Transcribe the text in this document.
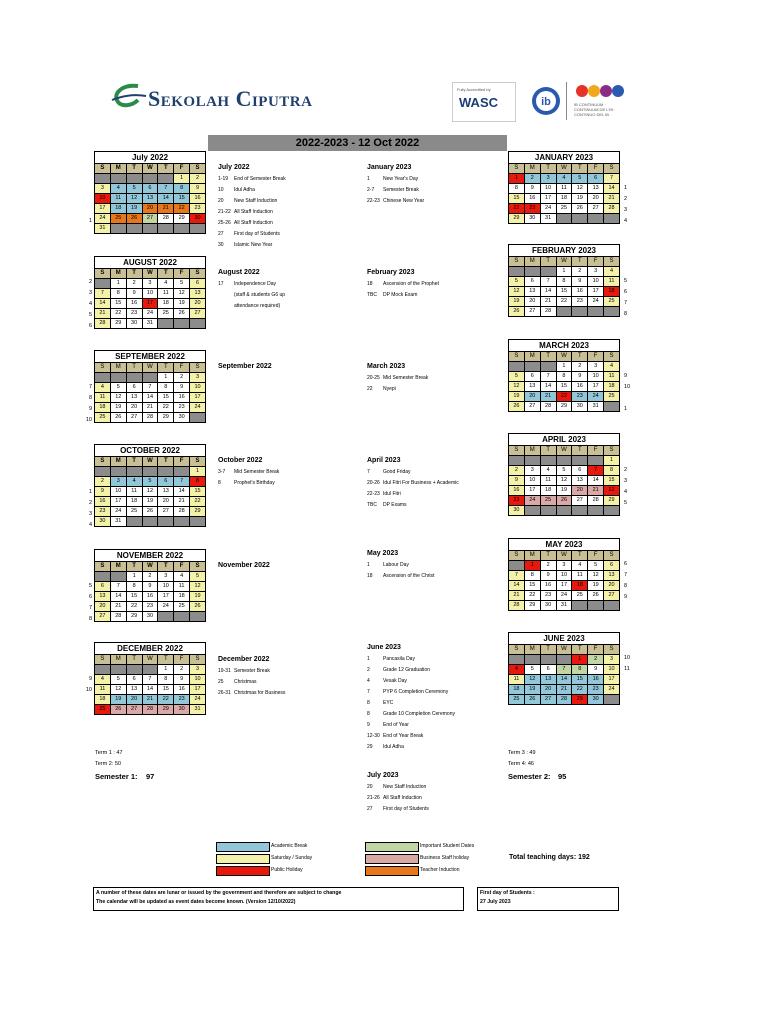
Sekolah Ciputra	Fully Accredited by
WASC	ib	IB CONTINUUM · CONTINUUM DE L'IB · CONTINUO DEL IB
2022-2023 - 12 Oct 2022
July 2022
S	M	T	W	T	F	S
					1	2
3	4	5	6	7	8	9
10	11	12	13	14	15	16
17	18	19	20	21	22	23
24	25	26	27	28	29	30
31						
AUGUST 2022
S	M	T	W	T	F	S
	1	2	3	4	5	6
7	8	9	10	11	12	13
14	15	16	17	18	19	20
21	22	23	24	25	26	27
28	29	30	31			
SEPTEMBER 2022
S	M	T	W	T	F	S
				1	2	3
4	5	6	7	8	9	10
11	12	13	14	15	16	17
18	19	20	21	22	23	24
25	26	27	28	29	30	
OCTOBER 2022
S	M	T	W	T	F	S
						1
2	3	4	5	6	7	8
9	10	11	12	13	14	15
16	17	18	19	20	21	22
23	24	25	26	27	28	29
30	31					
NOVEMBER 2022
S	M	T	W	T	F	S
		1	2	3	4	5
6	7	8	9	10	11	12
13	14	15	16	17	18	19
20	21	22	23	24	25	26
27	28	29	30			
DECEMBER 2022
S	M	T	W	T	F	S
				1	2	3
4	5	6	7	8	9	10
11	12	13	14	15	16	17
18	19	20	21	22	23	24
25	26	27	28	29	30	31
JANUARY 2023
S	M	T	W	T	F	S
1	2	3	4	5	6	7
8	9	10	11	12	13	14
15	16	17	18	19	20	21
22	23	24	25	26	27	28
29	30	31				
FEBRUARY 2023
S	M	T	W	T	F	S
			1	2	3	4
5	6	7	8	9	10	11
12	13	14	15	16	17	18
19	20	21	22	23	24	25
26	27	28				
MARCH 2023
S	M	T	W	T	F	S
			1	2	3	4
5	6	7	8	9	10	11
12	13	14	15	16	17	18
19	20	21	22	23	24	25
26	27	28	29	30	31	
APRIL 2023
S	M	T	W	T	F	S
						1
2	3	4	5	6	7	8
9	10	11	12	13	14	15
16	17	18	19	20	21	22
23	24	25	26	27	28	29
30						
MAY 2023
S	M	T	W	T	F	S
	1	2	3	4	5	6
7	8	9	10	11	12	13
14	15	16	17	18	19	20
21	22	23	24	25	26	27
28	29	30	31			
JUNE 2023
S	M	T	W	T	F	S
				1	2	3
4	5	6	7	8	9	10
11	12	13	14	15	16	17
18	19	20	21	22	23	24
25	26	27	28	29	30	
July 2022
1-19 End of Semester Break
10 Idul Adha
20 New Staff Induction
21-22 All Staff Induction
25-26 All Staff Induction
27 First day of Students
30 Islamic New Year
August 2022
17 Independence Day
(staff & students G6 up
attendance required)
September 2022
October 2022
3-7 Mid Semester Break
8	Prophet's Birthday
November 2022
December 2022
19-31 Semester Break
25 Christmas
26-31 Christmas for Business
January 2023
1	New Year's Day
2-7 Semester Break
22-23 Chinese New Year
February 2023
18 Ascension of the Prophet
TBC DP Mock Exam
March 2023
20-25 Mid Semester Break
22 Nyepi
April 2023
7	Good Friday
20-26 Idul Fitri For Business + Academic
22-23 Idul Fitri
TBC DP Exams
May 2023
1	Labour Day
18 Ascension of the Christ
June 2023
1	Pancasila Day
2	Grade 12 Graduation
4	Vesak Day
7	PYP 6 Completion Ceremony
8	EYC
8	Grade 10 Completion Ceremony
9	End of Year
12-30 End of Year Break
29 Idul Adha
July 2023
20 New Staff Induction
21-26 All Staff Induction
27 First day of Students
Term 1 : 47
Term 2: 50
Semester 1: 97
Term 3 : 49
Term 4: 46
Semester 2: 95
Academic Break
Saturday / Sunday
Public Holiday
Important Student Dates
Business Staff holiday
Teacher Induction
Total teaching days: 192
A number of these dates are lunar or issued by the government and therefore are subject to change
The calendar will be updated as event dates become known. (Version 12/10/2022)
First day of Students :
27 July 2023
1
2
3
4
5
6
7
8
9
10
1
2
3
4
5
6
7
8
9
10
1
2
3
4
5
6
7
8
9
10
1
2
3
4
5
6
7
8
9
10
11
